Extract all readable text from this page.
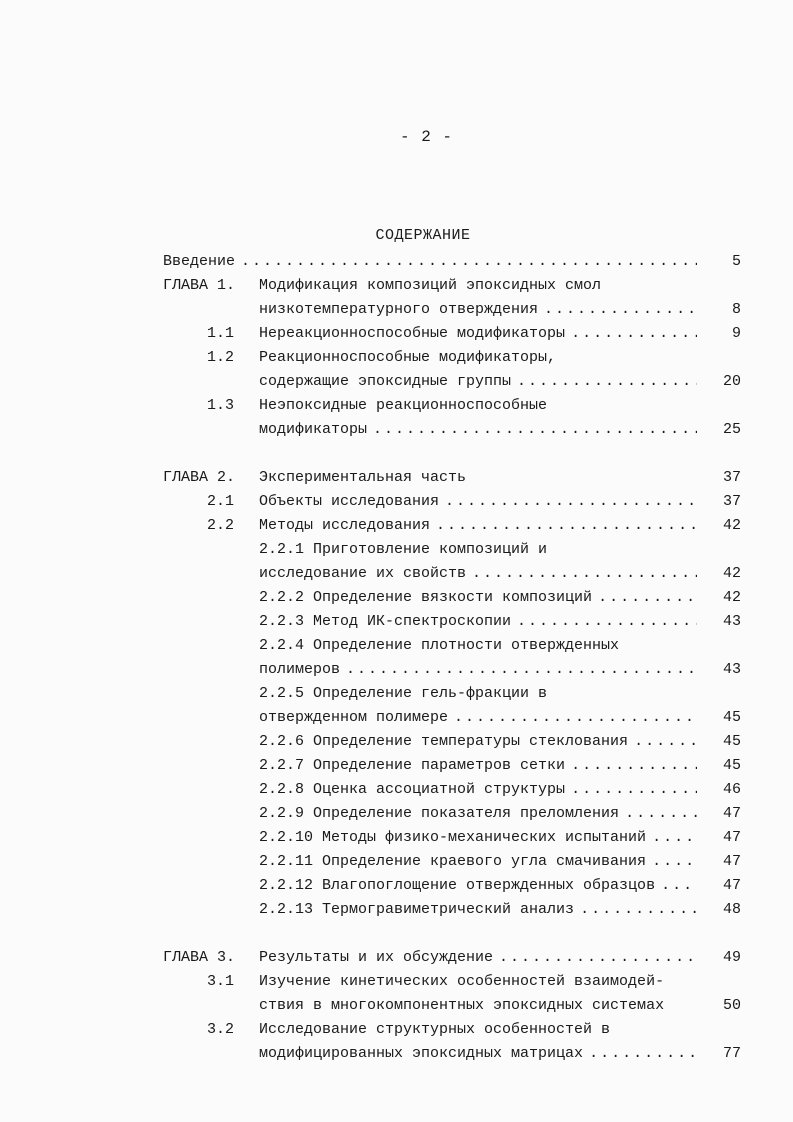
- 2 -
СОДЕРЖАНИЕ
Введение .....	5
ГЛАВА 1. Модификация композиций эпоксидных смол
низкотемпературного отверждения .....	8
1.1 Нереакционноспособные модификаторы .....	9
1.2 Реакционноспособные модификаторы,
содержащие эпоксидные группы .....	20
1.3 Неэпоксидные реакционноспособные
модификаторы .....	25
ГЛАВА 2. Экспериментальная часть	37
2.1 Объекты исследования .....	37
2.2 Методы исследования .....	42
2.2.1 Приготовление композиций и
исследование их свойств .....	42
2.2.2 Определение вязкости композиций .....	42
2.2.3 Метод ИК-спектроскопии .....	43
2.2.4 Определение плотности отвержденных
полимеров .....	43
2.2.5 Определение гель-фракции в
отвержденном полимере .....	45
2.2.6 Определение температуры стеклования .....	45
2.2.7 Определение параметров сетки .....	45
2.2.8 Оценка ассоциатной структуры .....	46
2.2.9 Определение показателя преломления .....	47
2.2.10 Методы физико-механических испытаний .....	47
2.2.11 Определение краевого угла смачивания .....	47
2.2.12 Влагопоглощение отвержденных образцов .....	47
2.2.13 Термогравиметрический анализ .....	48
ГЛАВА 3. Результаты и их обсуждение .....	49
3.1 Изучение кинетических особенностей взаимодей-
ствия в многокомпонентных эпоксидных системах	50
3.2 Исследование структурных особенностей в
модифицированных эпоксидных матрицах .....	77
